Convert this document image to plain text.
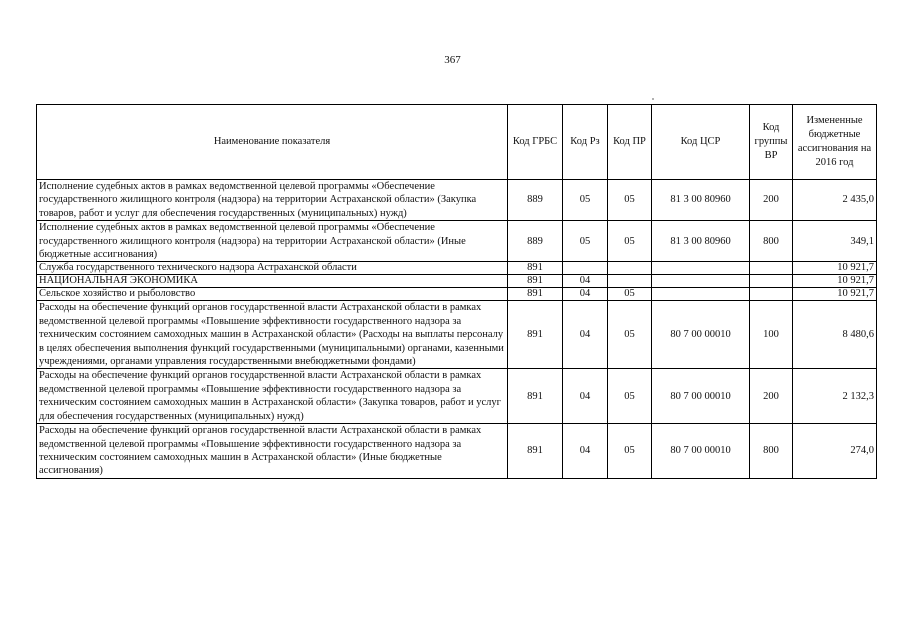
367
Наименование показателя	Код ГРБС	Код Рз	Код ПР	Код ЦСР	Код группы ВР	Измененные бюджетные ассигнования на 2016 год
Исполнение судебных актов в рамках ведомственной целевой программы «Обеспечение государственного жилищного контроля (надзора) на территории Астраханской области» (Закупка товаров, работ и услуг для обеспечения государственных (муниципальных) нужд)	889	05	05	81 3 00 80960	200	2 435,0
Исполнение судебных актов в рамках ведомственной целевой программы «Обеспечение государственного жилищного контроля (надзора) на территории Астраханской области» (Иные бюджетные ассигнования)	889	05	05	81 3 00 80960	800	349,1
Служба государственного технического надзора Астраханской области	891					10 921,7
НАЦИОНАЛЬНАЯ ЭКОНОМИКА	891	04				10 921,7
Сельское хозяйство и рыболовство	891	04	05			10 921,7
Расходы на обеспечение функций органов государственной власти Астраханской области в рамках ведомственной целевой программы «Повышение эффективности государственного надзора за техническим состоянием самоходных машин в Астраханской области» (Расходы на выплаты персоналу в целях обеспечения выполнения функций государственными (муниципальными) органами, казенными учреждениями, органами управления государственными внебюджетными фондами)	891	04	05	80 7 00 00010	100	8 480,6
Расходы на обеспечение функций органов государственной власти Астраханской области в рамках ведомственной целевой программы «Повышение эффективности государственного надзора за техническим состоянием самоходных машин в Астраханской области» (Закупка товаров, работ и услуг для обеспечения государственных (муниципальных) нужд)	891	04	05	80 7 00 00010	200	2 132,3
Расходы на обеспечение функций органов государственной власти Астраханской области в рамках ведомственной целевой программы «Повышение эффективности государственного надзора за техническим состоянием самоходных машин в Астраханской области» (Иные бюджетные ассигнования)	891	04	05	80 7 00 00010	800	274,0
